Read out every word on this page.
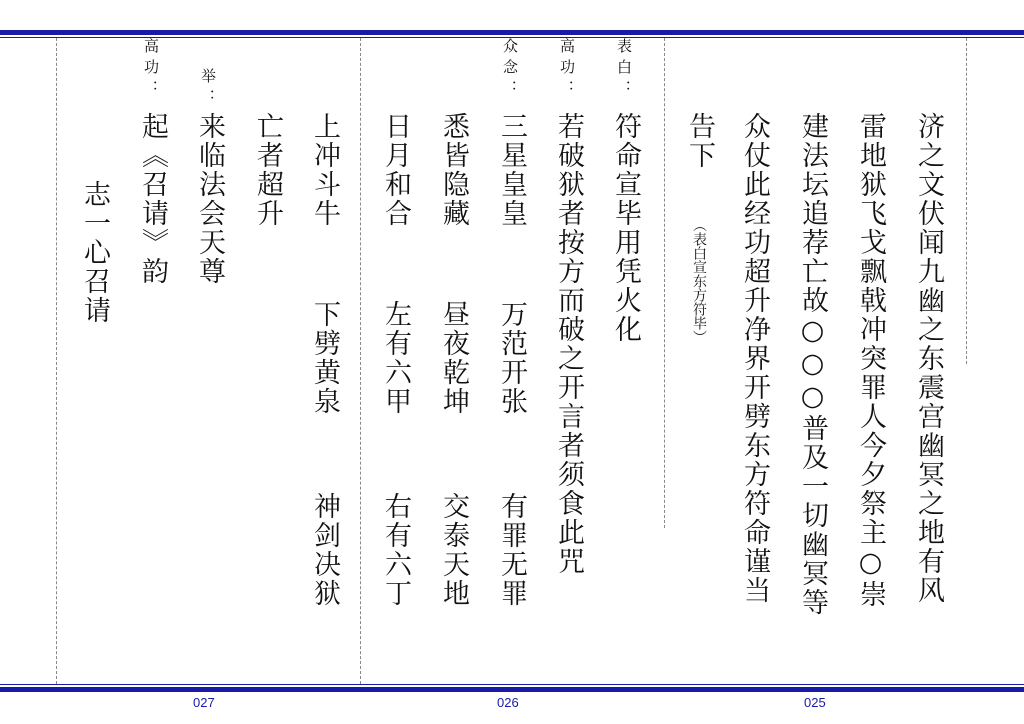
济之文伏闻九幽之东震宫幽冥之地有风
雷地狱飞戈飘戟冲突罪人今夕祭主○崇
建法坛追荐亡故○○○普及一切幽冥等
众仗此经功超升净界开劈东方符命谨当
告下
（表白宣东方符毕）
表白：
符命宣毕用凭火化
高功：
若破狱者按方而破之开言者须食此咒
众念：
三星皇皇
万范开张
有罪无罪
悉皆隐藏
昼夜乾坤
交泰天地
日月和合
左有六甲
右有六丁
上冲斗牛
下劈黄泉
神剑决狱
亡者超升
举：
来临法会天尊
高功：
起《召请》韵
志一心召请
027	026	025
